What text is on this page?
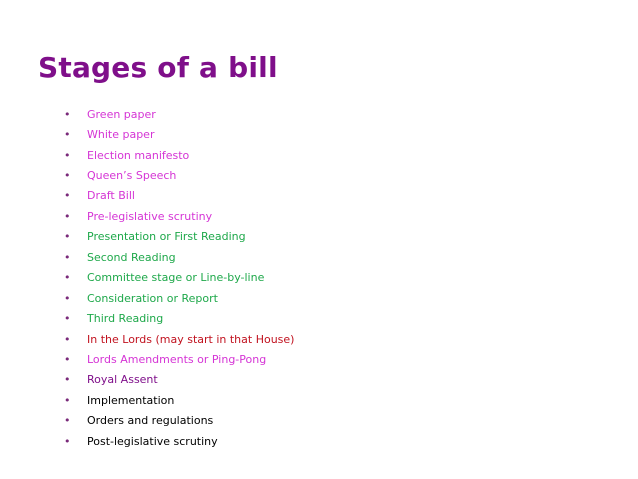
Stages of a bill
•	Green paper
•	White paper
•	Election manifesto
•	Queen’s Speech
•	Draft Bill
•	Pre-legislative scrutiny
•	Presentation or First Reading
•	Second Reading
•	Committee stage or Line-by-line
•	Consideration or Report
•	Third Reading
•	In the Lords (may start in that House)
•	Lords Amendments or Ping-Pong
•	Royal Assent
•	Implementation
•	Orders and regulations
•	Post-legislative scrutiny
